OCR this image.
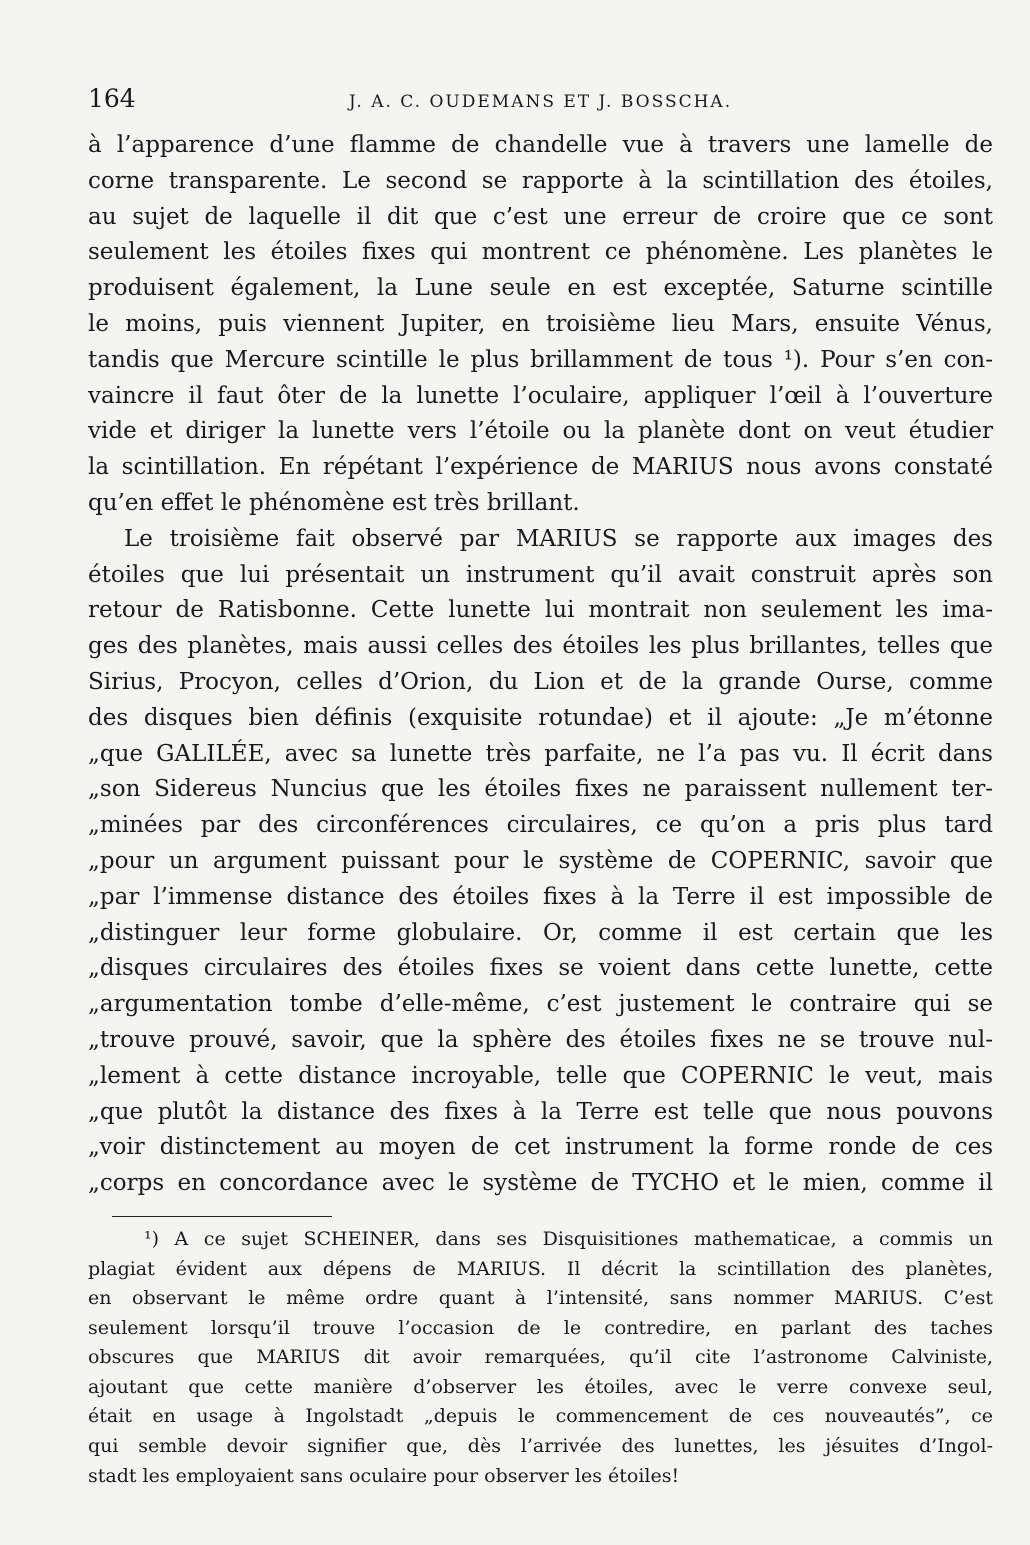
164	J. A. C. OUDEMANS ET J. BOSSCHA.

à l’apparence d’une flamme de chandelle vue à travers une lamelle de
corne transparente. Le second se rapporte à la scintillation des étoiles,
au sujet de laquelle il dit que c’est une erreur de croire que ce sont
seulement les étoiles fixes qui montrent ce phénomène. Les planètes le
produisent également, la Lune seule en est exceptée, Saturne scintille
le moins, puis viennent Jupiter, en troisième lieu Mars, ensuite Vénus,
tandis que Mercure scintille le plus brillamment de tous ¹). Pour s’en con-
vaincre il faut ôter de la lunette l’oculaire, appliquer l’œil à l’ouverture
vide et diriger la lunette vers l’étoile ou la planète dont on veut étudier
la scintillation. En répétant l’expérience de MARIUS nous avons constaté
qu’en effet le phénomène est très brillant.

Le troisième fait observé par MARIUS se rapporte aux images des
étoiles que lui présentait un instrument qu’il avait construit après son
retour de Ratisbonne. Cette lunette lui montrait non seulement les ima-
ges des planètes, mais aussi celles des étoiles les plus brillantes, telles que
Sirius, Procyon, celles d’Orion, du Lion et de la grande Ourse, comme
des disques bien définis (exquisite rotundae) et il ajoute: „Je m’étonne
„que GALILÉE, avec sa lunette très parfaite, ne l’a pas vu. Il écrit dans
„son Sidereus Nuncius que les étoiles fixes ne paraissent nullement ter-
„minées par des circonférences circulaires, ce qu’on a pris plus tard
„pour un argument puissant pour le système de COPERNIC, savoir que
„par l’immense distance des étoiles fixes à la Terre il est impossible de
„distinguer leur forme globulaire. Or, comme il est certain que les
„disques circulaires des étoiles fixes se voient dans cette lunette, cette
„argumentation tombe d’elle-même, c’est justement le contraire qui se
„trouve prouvé, savoir, que la sphère des étoiles fixes ne se trouve nul-
„lement à cette distance incroyable, telle que COPERNIC le veut, mais
„que plutôt la distance des fixes à la Terre est telle que nous pouvons
„voir distinctement au moyen de cet instrument la forme ronde de ces
„corps en concordance avec le système de TYCHO et le mien, comme il

¹) A ce sujet SCHEINER, dans ses Disquisitiones mathematicae, a commis un
plagiat évident aux dépens de MARIUS. Il décrit la scintillation des planètes,
en observant le même ordre quant à l’intensité, sans nommer MARIUS. C’est
seulement lorsqu’il trouve l’occasion de le contredire, en parlant des taches
obscures que MARIUS dit avoir remarquées, qu’il cite l’astronome Calviniste,
ajoutant que cette manière d’observer les étoiles, avec le verre convexe seul,
était en usage à Ingolstadt „depuis le commencement de ces nouveautés”, ce
qui semble devoir signifier que, dès l’arrivée des lunettes, les jésuites d’Ingol-
stadt les employaient sans oculaire pour observer les étoiles!
